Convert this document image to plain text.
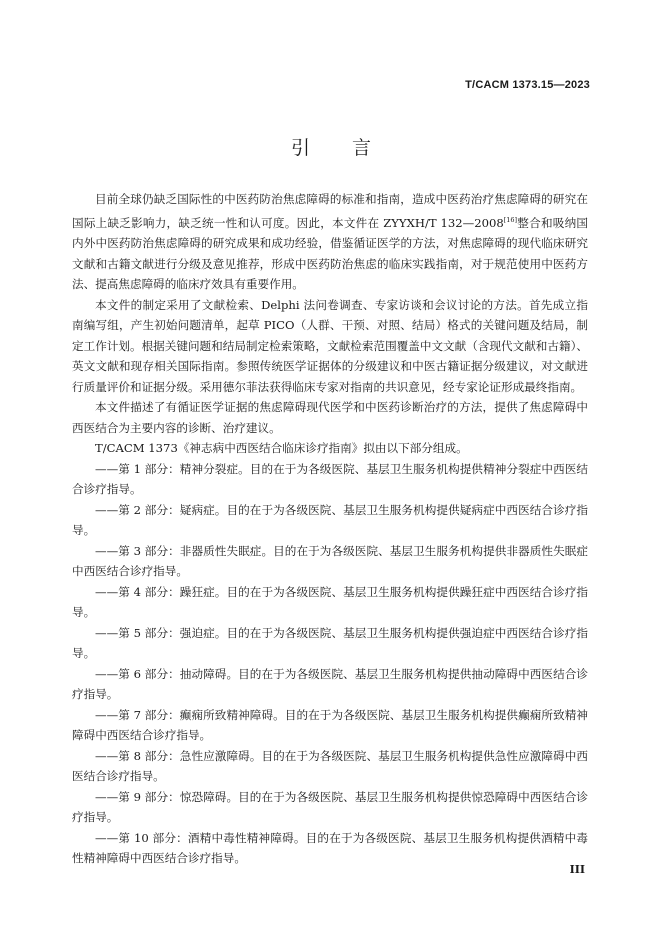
T/CACM 1373.15—2023
引 言

目前全球仍缺乏国际性的中医药防治焦虑障碍的标准和指南，造成中医药治疗焦虑障碍的研究在国际上缺乏影响力，缺乏统一性和认可度。因此，本文件在 ZYYXH/T 132—2008[16]整合和吸纳国内外中医药防治焦虑障碍的研究成果和成功经验，借鉴循证医学的方法，对焦虑障碍的现代临床研究文献和古籍文献进行分级及意见推荐，形成中医药防治焦虑的临床实践指南，对于规范使用中医药方法、提高焦虑障碍的临床疗效具有重要作用。

本文件的制定采用了文献检索、Delphi 法问卷调查、专家访谈和会议讨论的方法。首先成立指南编写组，产生初始问题清单，起草 PICO（人群、干预、对照、结局）格式的关键问题及结局，制定工作计划。根据关键问题和结局制定检索策略，文献检索范围覆盖中文文献（含现代文献和古籍）、英文文献和现存相关国际指南。参照传统医学证据体的分级建议和中医古籍证据分级建议，对文献进行质量评价和证据分级。采用德尔菲法获得临床专家对指南的共识意见，经专家论证形成最终指南。

本文件描述了有循证医学证据的焦虑障碍现代医学和中医药诊断治疗的方法，提供了焦虑障碍中西医结合为主要内容的诊断、治疗建议。

T/CACM 1373《神志病中西医结合临床诊疗指南》拟由以下部分组成。

——第 1 部分：精神分裂症。目的在于为各级医院、基层卫生服务机构提供精神分裂症中西医结合诊疗指导。

——第 2 部分：疑病症。目的在于为各级医院、基层卫生服务机构提供疑病症中西医结合诊疗指导。

——第 3 部分：非器质性失眠症。目的在于为各级医院、基层卫生服务机构提供非器质性失眠症中西医结合诊疗指导。

——第 4 部分：躁狂症。目的在于为各级医院、基层卫生服务机构提供躁狂症中西医结合诊疗指导。

——第 5 部分：强迫症。目的在于为各级医院、基层卫生服务机构提供强迫症中西医结合诊疗指导。

——第 6 部分：抽动障碍。目的在于为各级医院、基层卫生服务机构提供抽动障碍中西医结合诊疗指导。

——第 7 部分：癫痫所致精神障碍。目的在于为各级医院、基层卫生服务机构提供癫痫所致精神障碍中西医结合诊疗指导。

——第 8 部分：急性应激障碍。目的在于为各级医院、基层卫生服务机构提供急性应激障碍中西医结合诊疗指导。

——第 9 部分：惊恐障碍。目的在于为各级医院、基层卫生服务机构提供惊恐障碍中西医结合诊疗指导。

——第 10 部分：酒精中毒性精神障碍。目的在于为各级医院、基层卫生服务机构提供酒精中毒性精神障碍中西医结合诊疗指导。

III
